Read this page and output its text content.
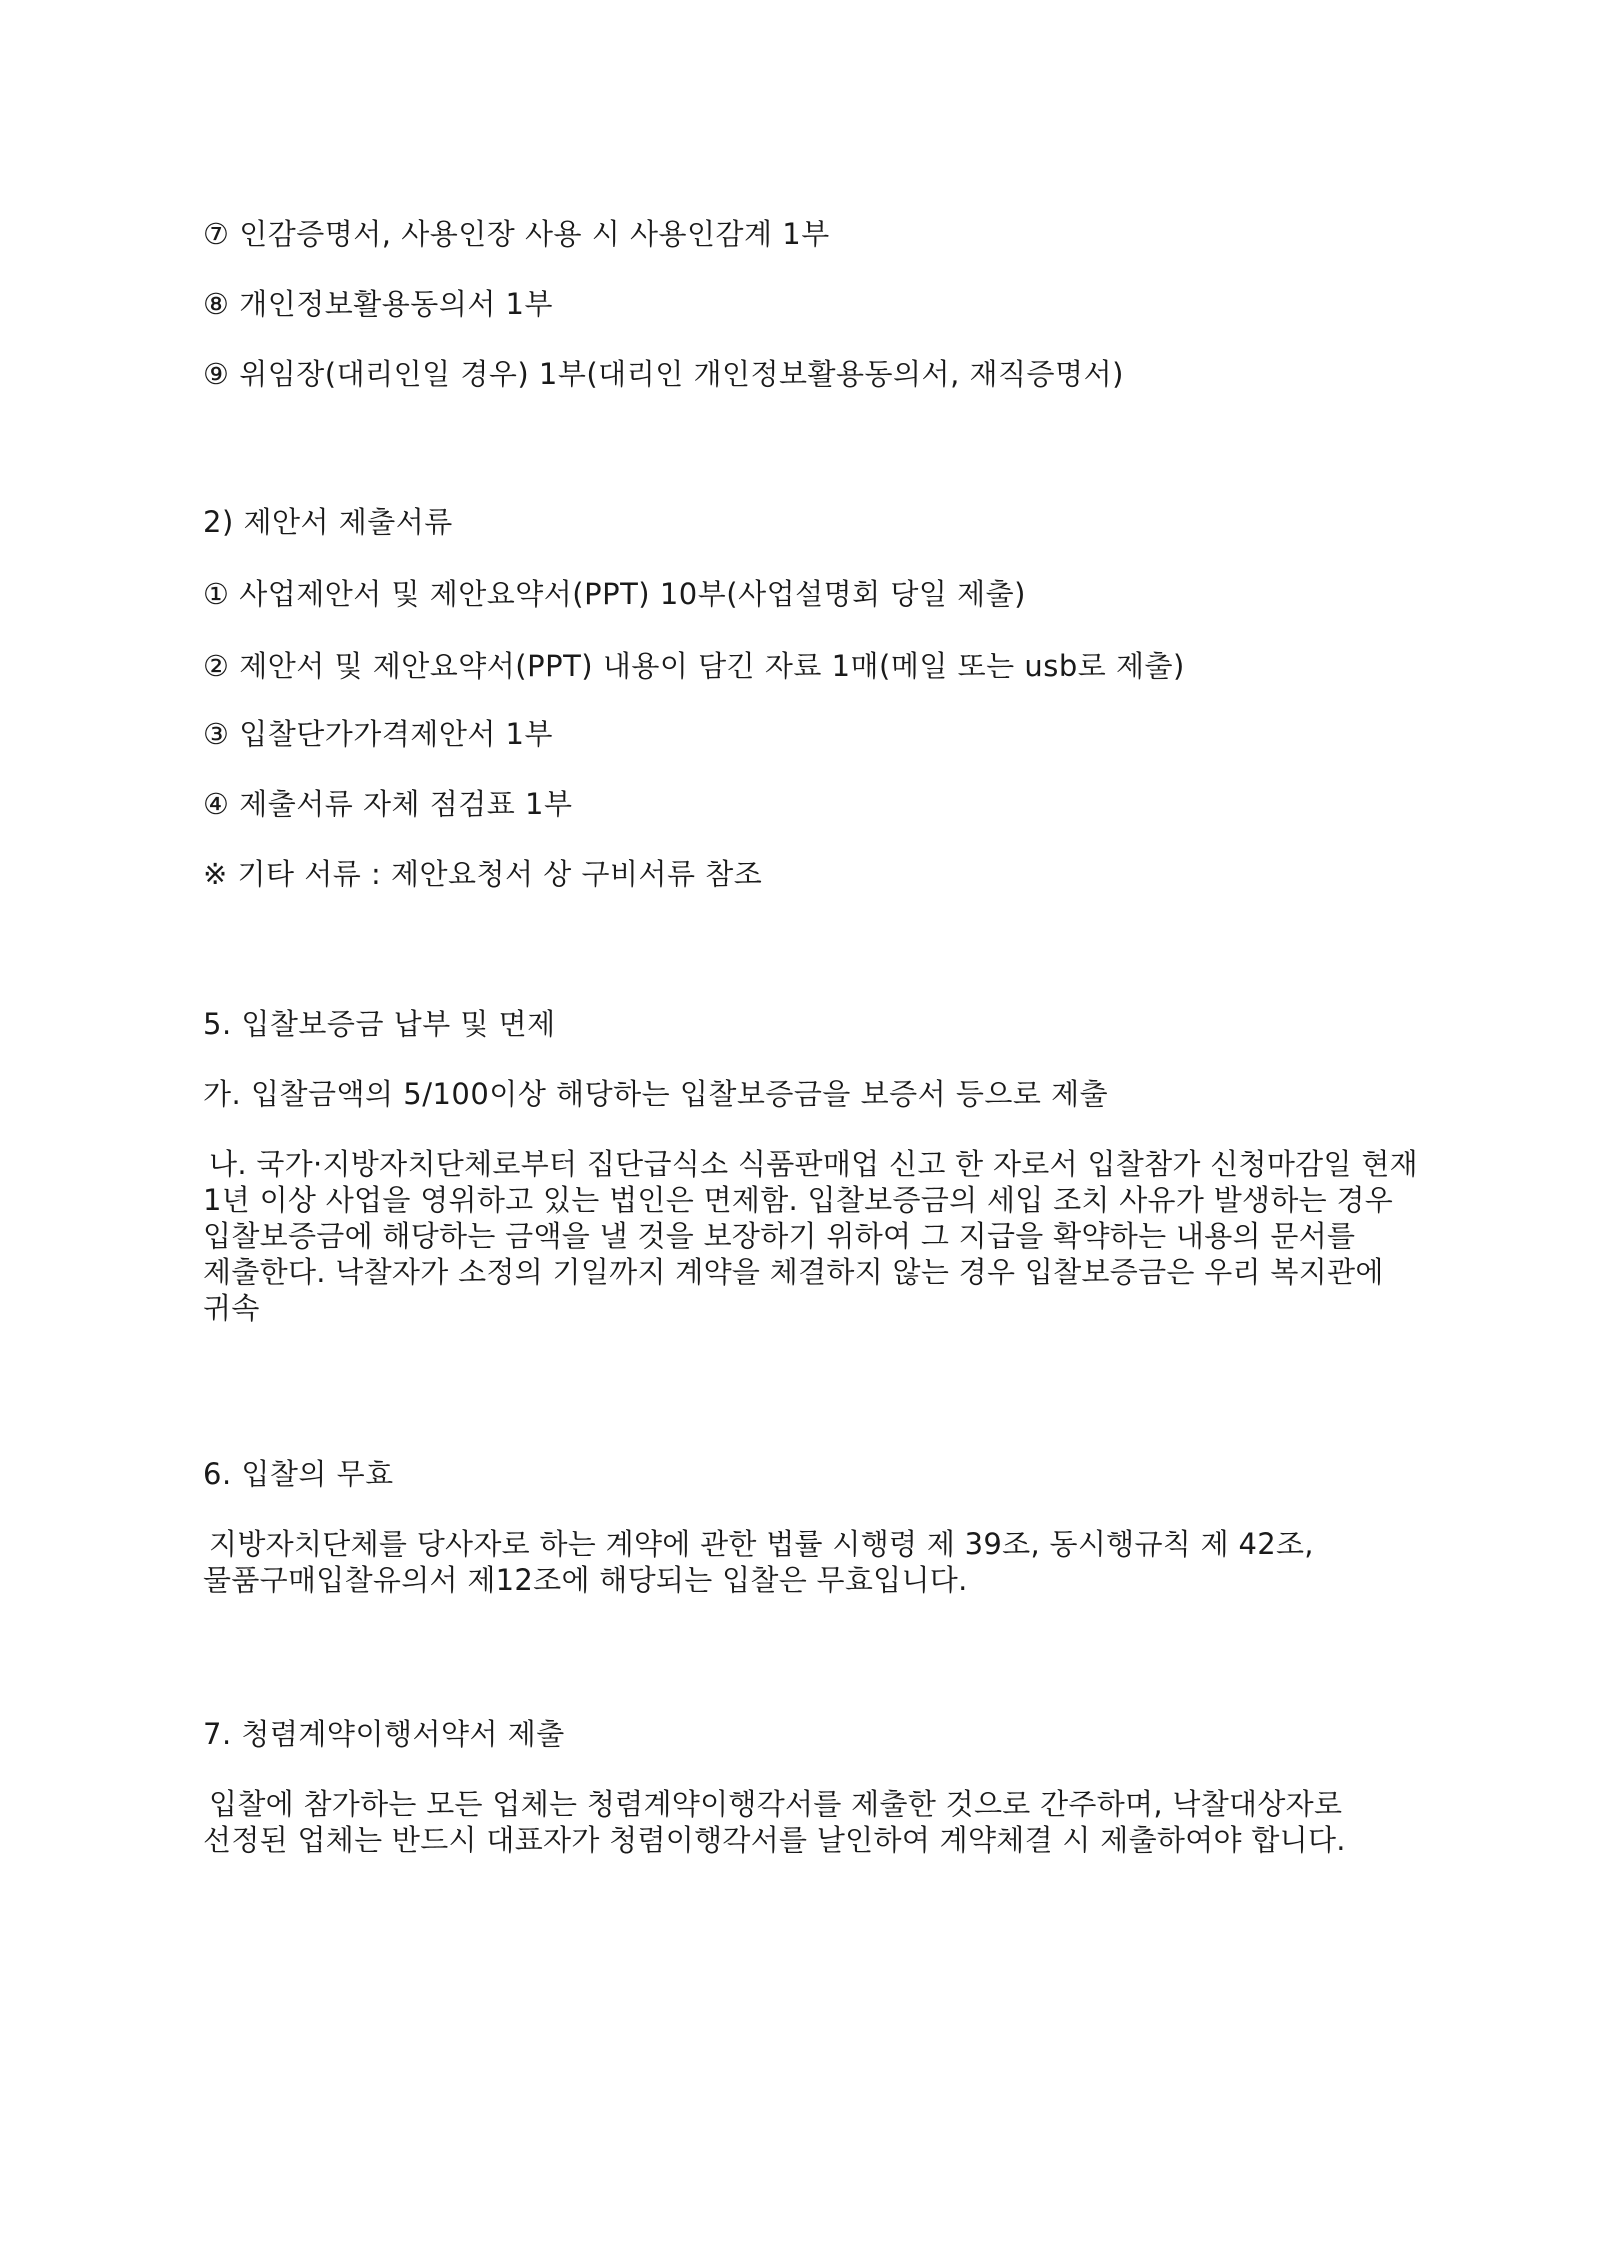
⑦ 인감증명서, 사용인장 사용 시 사용인감계 1부
⑧ 개인정보활용동의서 1부
⑨ 위임장(대리인일 경우) 1부(대리인 개인정보활용동의서, 재직증명서)
2) 제안서 제출서류
① 사업제안서 및 제안요약서(PPT) 10부(사업설명회 당일 제출)
② 제안서 및 제안요약서(PPT) 내용이 담긴 자료 1매(메일 또는 usb로 제출)
③ 입찰단가가격제안서 1부
④ 제출서류 자체 점검표 1부
※ 기타 서류 : 제안요청서 상 구비서류 참조
5. 입찰보증금 납부 및 면제
가. 입찰금액의 5/100이상 해당하는 입찰보증금을 보증서 등으로 제출
나. 국가·지방자치단체로부터 집단급식소 식품판매업 신고 한 자로서 입찰참가 신청마감일 현재 1년 이상 사업을 영위하고 있는 법인은 면제함. 입찰보증금의 세입 조치 사유가 발생하는 경우 입찰보증금에 해당하는 금액을 낼 것을 보장하기 위하여 그 지급을 확약하는 내용의 문서를 제출한다. 낙찰자가 소정의 기일까지 계약을 체결하지 않는 경우 입찰보증금은 우리 복지관에 귀속
6. 입찰의 무효
지방자치단체를 당사자로 하는 계약에 관한 법률 시행령 제 39조, 동시행규칙 제 42조, 물품구매입찰유의서 제12조에 해당되는 입찰은 무효입니다.
7. 청렴계약이행서약서 제출
입찰에 참가하는 모든 업체는 청렴계약이행각서를 제출한 것으로 간주하며, 낙찰대상자로 선정된 업체는 반드시 대표자가 청렴이행각서를 날인하여 계약체결 시 제출하여야 합니다.
